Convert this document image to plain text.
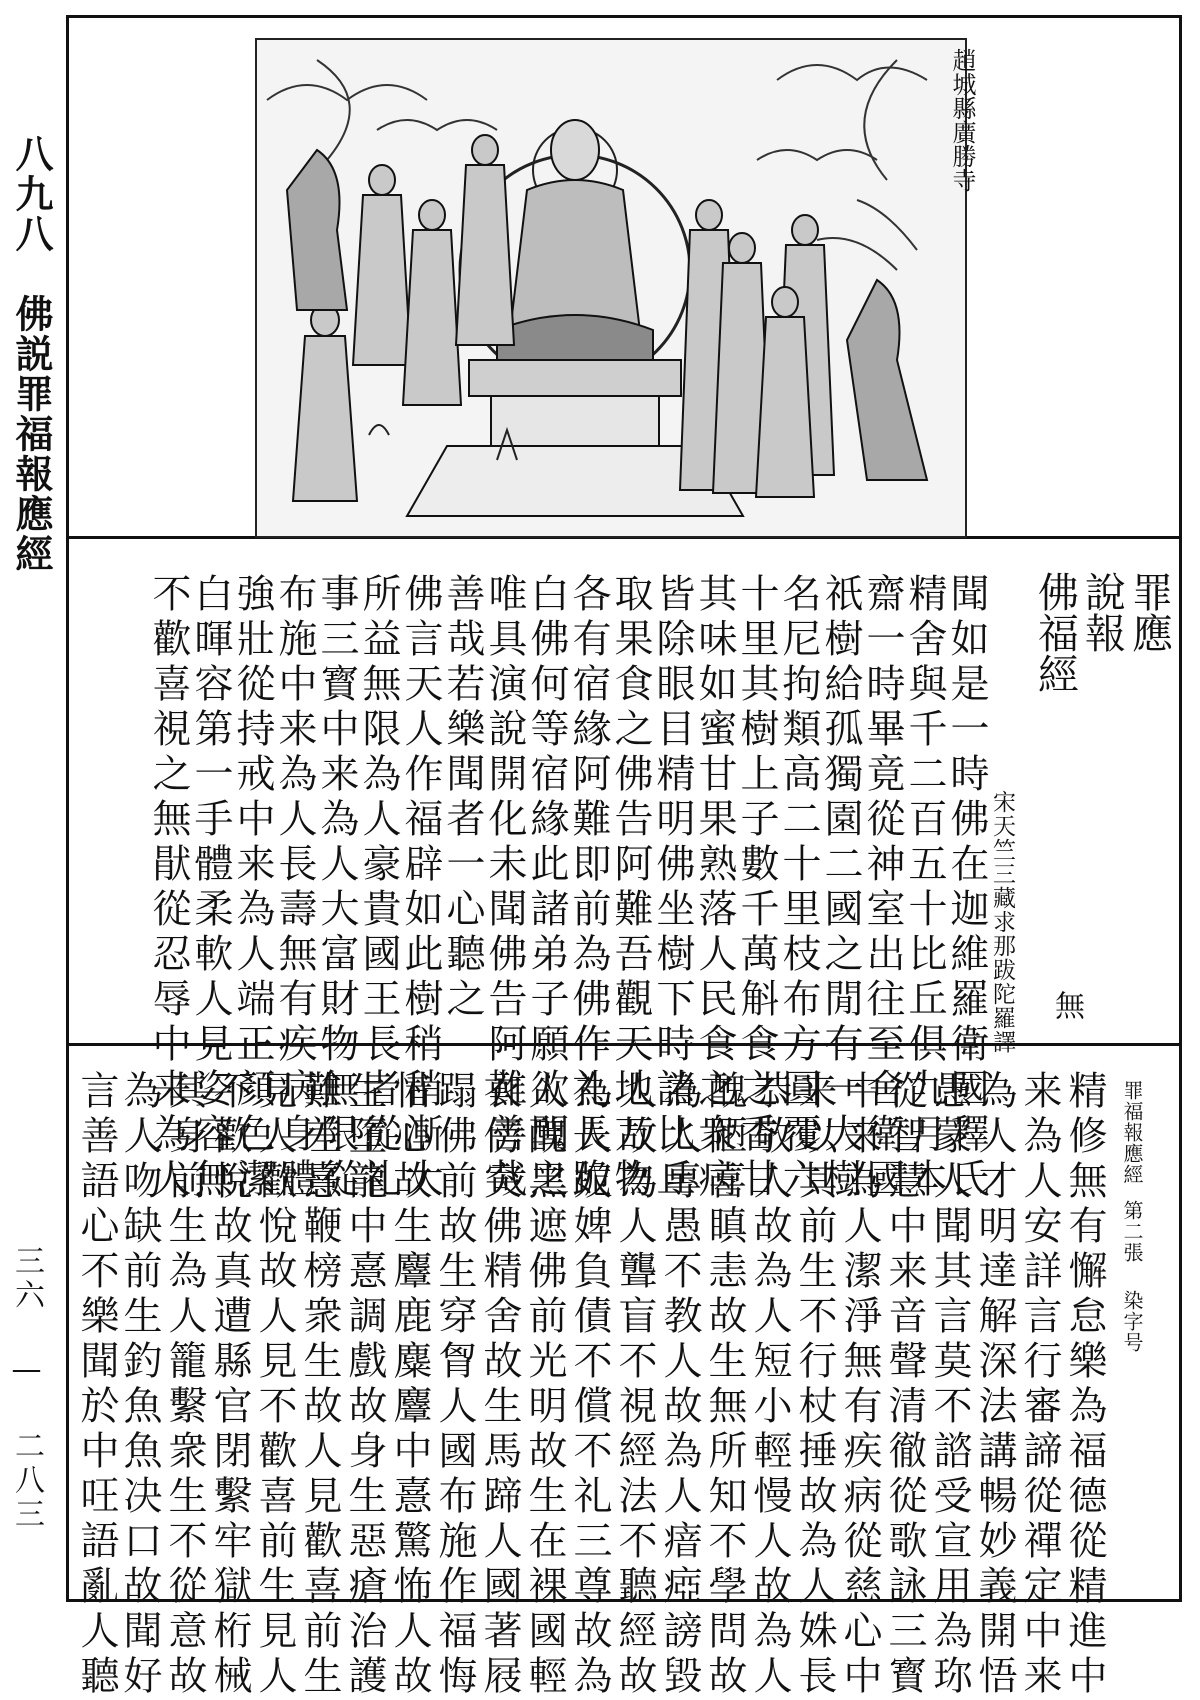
八九八　佛説罪福報應經
三六 — 二八三
趙城縣廣勝寺
佛說罪福報應經
無
宋天竺三藏求那跋陀羅譯
聞如是一時佛在迦維羅衛國釋氏
精舍與千二百五十比丘俱九月本
齋一時畢竟從神室出往至舍衛國
祇樹給孤獨園二國之閒有一大樹
名尼拘類高二十里枝布方圓覆六
十里其樹上子數千萬斛食之香甘
其味如蜜甘果熟落人民食之衆病
皆除眼目精明佛坐樹下時諸比丘
取果食之佛告阿難吾觀天地万物
各有宿緣阿難即前為佛作礼長跪
白佛何等宿緣此諸弟子願欲聞之
唯具演說開化未聞佛告阿難善哉
善哉若樂聞者一心聽之
佛言天人作福辟如此樹稍稍漸大
所益無限為人豪貴國王長者從礼
事三寳中来為人大富財物無限從
布施中来為人長壽無有疾病身體
強壯從持戒中来為人端正顏色潔
白暉容第一手體柔軟人見姿容無
不歡喜視之無猒從忍辱中来為人	罪福報應經
第二張
染字号
精修無有懈怠樂為福德從精進中
来為人安詳言行審諦從禪定中来
為人才明達解深法講暢妙義開悟
愚蒙人聞其言莫不諮受宣用為珎
從智慧中来音聲清徹從歌詠三寳
中来為人潔淨無有疾病從慈心中
来以其前生不行杖捶故為人姝長
恭敬人故為人短小輕慢人故為人
醜陋喜瞋恚故生無所知不學問故
為人專愚不教人故為人瘖瘂謗毀
人故為人聾盲不視經法不聽經故
為人奴婢負債不償不礼三尊故為
人醜黑遮佛前光明故生在裸國輕
衣傍突佛精舍故生馬蹄人國著屐
蹋佛前故生穿胷人國布施作福悔
惜心故生麞鹿麋麞中憙驚怖人故
生墮龍中憙調戲故身生惡瘡治護
難差憙鞭榜衆生故人見歡喜前生
見人歡悅故人見不歡喜前生見人
不歡悅故真遭縣官閉繫牢獄桁械
其身前生為人籠繫衆生不從意故
為人吻缺前生釣魚魚决口故聞好
言善語心不樂聞於中㕵語亂人聽
